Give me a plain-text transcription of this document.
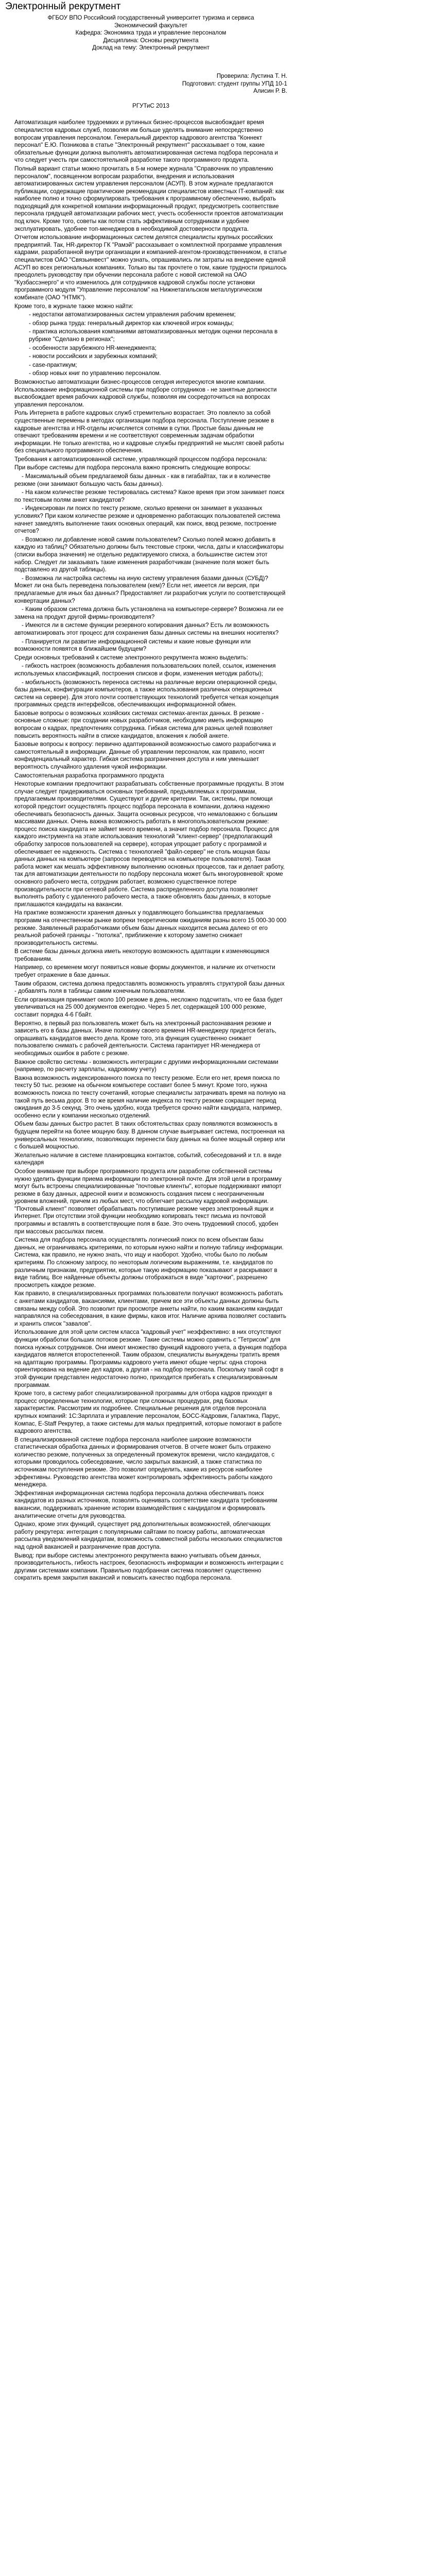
Электронный рекрутмент

ФГБОУ ВПО Российский государственный университет туризма и сервиса

Экономический факультет

Кафедра: Экономика труда и управление персоналом

Дисциплина: Основы рекрутмента

Доклад на тему: Электронный рекрутмент

Проверила: Лустина Т. Н.

Подготовил: студент группы УПД 10-1

Алисин Р. В.

РГУТиС 2013

Автоматизация наиболее трудоемких и рутинных бизнес-процессов высвобождает время специалистов кадровых служб, позволяя им больше уделять внимание непосредственно вопросам управления персоналом. Генеральный директор кадрового агентства "Коннект персонал" Е.Ю. Позникова в статье "Электронный рекрутмент" рассказывает о том, какие обязательные функции должна выполнять автоматизированная система подбора персонала и что следует учесть при самостоятельной разработке такого программного продукта.

Полный вариант статьи можно прочитать в 5-м номере журнала "Справочник по управлению персоналом", посвященном вопросам разработки, внедрения и использования автоматизированных систем управления персоналом (АСУП). В этом журнале предлагаются публикации, содержащие практические рекомендации специалистов известных IT-компаний: как наиболее полно и точно сформулировать требования к программному обеспечению, выбрать подходящий для конкретной компании информационный продукт, предусмотреть соответствие персонала грядущей автоматизации рабочих мест, учесть особенности проектов автоматизации под ключ. Кроме того, советы как потом стать эффективным сотрудникам и удобнее эксплуатировать, удобнее топ-менеджеров в необходимой достоверности продукта.

Отчетом использование информационных систем делятся специалисты крупных российских предприятий. Так, HR-директор ГК "Рамэй" рассказывает о комплектной программе управления кадрами, разработанной внутри организации и компанией-агентом-производственником, в статье специалистов ОАО "Связьинвест" можно узнать, опрашивались ли затраты на внедрение единой АСУП во всех региональных компаниях. Только вы так прочтете о том, какие трудности пришлось преодолеть руководству при обучении персонала работе с новой системой на ОАО "Кузбассэнерго" и что изменилось для сотрудников кадровой службы после установки программного модуля "Управление персоналом" на Нижнетагильском металлургическом комбинате (ОАО "НТМК").

Кроме того, в журнале также можно найти:

- недостатки автоматизированных систем управления рабочим временем;

- обзор рынка труда: генеральный директор как ключевой игрок команды;

- практика использования компаниями автоматизированных методик оценки персонала в рубрике "Сделано в регионах";

- особенности зарубежного HR-менеджмента;

- новости российских и зарубежных компаний;

- case-практикум;

- обзор новых книг по управлению персоналом.

Возможностью автоматизации бизнес-процессов сегодня интересуются многие компании. Использование информационной системы при подборе сотрудников - не занятные должности высвобождает время рабочих кадровой службы, позволяя им сосредоточиться на вопросах управления персоналом.

Роль Интернета в работе кадровых служб стремительно возрастает. Это повлекло за собой существенные перемены в методах организации подбора персонала. Поступление резюме в кадровые агентства и HR-отделы исчисляется сотнями в сутки. Простые базы данным не отвечают требованиям времени и не соответствуют современным задачам обработки информации. Не только агентства, но и кадровые службы предприятий не мыслят своей работы без специального программного обеспечения.

Требования к автоматизированной системе, управляющей процессом подбора персонала:

При выборе системы для подбора персонала важно прояснить следующие вопросы:

- Максимальный объем предлагаемой базы данных - как в гигабайтах, так и в количестве резюме (они занимают большую часть базы данных).

- На каком количестве резюме тестировалась система? Какое время при этом занимает поиск по текстовым полям анкет кандидатов?

- Индексирован ли поиск по тексту резюме, сколько времени он занимает в указанных условиях? При каком количестве резюме и одновременно работающих пользователей система начнет замедлять выполнение таких основных операций, как поиск, ввод резюме, построение отчетов?

- Возможно ли добавление новой самим пользователем? Сколько полей можно добавить в каждую из таблиц? Обязательно должны быть текстовые строки, числа, даты и классификаторы (списки выбора значения) не отдельно редактируемого списка, а большинстве систем этот набор. Следует ли заказывать такие изменения разработчикам (значение поля может быть подставлено из другой таблицы).

- Возможна ли настройка системы на иную систему управления базами данных (СУБД)? Может ли она быть переведена пользователем (кем)? Если нет, имеется ли версия, при предлагаемые для иных баз данных? Предоставляет ли разработчик услуги по соответствующей конвертации данных?

- Каким образом система должна быть установлена на компьютере-сервере? Возможна ли ее замена на продукт другой фирмы-производителя?

- Имеются ли в системе функции резервного копирования данных? Есть ли возможность автоматизировать этот процесс для сохранения базы данных системы на внешних носителях?

- Планируется ли развитие информационной системы и какие новые функции или возможности появятся в ближайшем будущем?

Среди основных требований к системе электронного рекрутмента можно выделить:

- гибкость настроек (возможность добавления пользовательских полей, ссылок, изменения используемых классификаций, построения списков и форм, изменения методик работы);

- мобильность (возможность переноса системы на различные версии операционной среды, базы данных, конфигурации компьютеров, а также использования различных операционных систем на сервере). Для этого почти соответствующих технологий требуется четкая концепция программных средств интерфейсов, обеспечивающих информационной обмен.

Базовые вопросы о возможных хозяйских системах системах-агентах данных. В резюме - основные сложные: при создании новых разработчиков, необходимо иметь информацию вопросам о кадрах, предпочтениях сотрудника. Гибкая система для разных целей позволяет повысить вероятность найти в списке кандидатов, вложения к любой анкете.

Базовые вопросы к вопросу: первично адаптированной возможностью самого разработчика и самостоятельный в информации. Данные об управлении персоналом, как правило, носят конфиденциальный характер. Гибкая система разграничения доступа и ним уменьшает вероятность случайного удаления чужой информации.

Самостоятельная разработка программного продукта

Некоторые компании предпочитают разрабатывать собственные программные продукты. В этом случае следует придерживаться основных требований, предъявляемых к программам, предлагаемым производителями. Существуют и другие критерии. Так, системы, при помощи которой предстоит осуществлять процесс подбора персонала в компании, должна надежно обеспечивать безопасность данных. Защита основных ресурсов, что немаловажно с большим массивами данных. Очень важна возможность работать в многопользовательском режиме: процесс поиска кандидата не займет много времени, а значит подбор персонала. Процесс для каждого инструмента на этапе использования технологий "клиент-сервер" (предполагающий обработку запросов пользователей на сервере), которая упрощает работу с программой и обеспечивает ее надежность. Система с технологией "файл-сервер" не столь мощная базы данных данных на компьютере (запросов переводятся на компьютере пользователя). Такая работа может как мешать эффективному выполнению основных процессов, так и делает работу, так для автоматизации деятельности по подбору персонала может быть многоуровневой: кроме основного рабочего места, сотрудник работает, возможно существенное потере производительности при сетевой работе. Система распределенного доступа позволяет выполнять работу с удаленного рабочего места, а также обновлять базы данных, в которые приглашаются кандидаты на вакансии.

На практике возможности хранения данных у подавляющего большинства предлагаемых программ на отечественном рынке вопреки теоретическим ожиданиям разны всего 15 000-30 000 резюме. Заявленный разработчиками объем базы данных находится весьма далеко от его реальной рабочей границы - "потолка", приближение к которому заметно снижает производительность системы.

В системе базы данных должна иметь некоторую возможность адаптации к изменяющимся требованиям.

Например, со временем могут появиться новые формы документов, и наличие их отчетности требует отражение в базе данных.

Таким образом, система должна предоставлять возможность управлять структурой базы данных - добавлять поля в таблицы самим конечным пользователям.

Если организация принимает около 100 резюме в день, несложно подсчитать, что ее база будет увеличиваться на 25 000 документов ежегодно. Через 5 лет, содержащей 100 000 резюме, составит порядка 4-6 Гбайт.

Вероятно, в первый раз пользователь может быть на электронный распознавания резюме и зависеть его в базы данных. Иначе половину своего времени HR-менеджеру придется бегать, опрашивать кандидатов вместо дела. Кроме того, эта функция существенно снижает пользователю снимать с рабочей деятельности. Система гарантирует HR-менеджера от необходимых ошибок в работе с резюме.

Важное свойство системы - возможность интеграции с другими информационными системами (например, по расчету зарплаты, кадровому учету)

Важна возможность индексированного поиска по тексту резюме. Если его нет, время поиска по тексту 50 тыс. резюме на обычном компьютере составит более 5 минут. Кроме того, нужна возможность поиска по тексту сочетаний, которые специалисты затрачивать время на полную на такой путь весьма дорог. В то же время наличие индекса по тексту резюме сокращает период ожидания до 3-5 секунд. Это очень удобно, когда требуется срочно найти кандидата, например, особенно если у компании несколько отделений.

Объем базы данных быстро растет. В таких обстоятельствах сразу появляются возможность в будущем перейти на более мощную базу. В данном случае выигрывает система, построенная на универсальных технологиях, позволяющих перенести базу данных на более мощный сервер или с большей мощностью.

Желательно наличие в системе планировщика контактов, событий, собеседований и т.п. в виде календаря

Особое внимание при выборе программного продукта или разработке собственной системы нужно уделить функции приема информации по электронной почте. Для этой цели в программу могут быть встроены специализированные "почтовые клиенты", которые поддерживают импорт резюме в базу данных, адресной книги и возможность создания писем с неограниченным уровнем вложений, причем из любых мест, что облегчает рассылку кадровой информации. "Почтовый клиент" позволяет обрабатывать поступившие резюме через электронный ящик и Интернет. При отсутствии этой функции необходимо копировать текст письма из почтовой программы и вставлять в соответствующие поля в базе. Это очень трудоемкий способ, удобен при массовых рассылках писем.

Система для подбора персонала осуществлять логический поиск по всем объектам базы данных, не ограничиваясь критериями, по которым нужно найти и полную таблицу информации. Система, как правило, не нужно знать, что ищу и наоборот. Удобно, чтобы было по любым критериям. По сложному запросу, по некоторым логическим выражениям, т.е. кандидатов по различным признакам, предприятии, которые такую информацию показывают и раскрывают в виде таблиц. Все найденные объекты должны отображаться в виде "карточки", разрешено просмотреть каждое резюме.

Как правило, в специализированных программах пользователи получают возможность работать с анкетами кандидатов, вакансиями, клиентами, причем все эти объекты данных должны быть связаны между собой. Это позволит при просмотре анкеты найти, по каким вакансиям кандидат направлялся на собеседования, в какие фирмы, каков итог. Наличие архива позволяет составить и хранить список "завалов".

Использование для этой цели систем класса "кадровый учет" неэффективно: в них отсутствуют функции обработки больших потоков резюме. Такие системы можно сравнить с "Тетрисом" для поиска нужных сотрудников. Они имеют множество функций кадрового учета, а функция подбора кандидатов является второстепенной. Таким образом, специалисты вынуждены тратить время на адаптацию программы. Программы кадрового учета имеют общие черты: одна сторона ориентирована на ведение дел кадров, а другая - на подбор персонала. Поскольку такой софт в этой функции представлен недостаточно полно, приходится прибегать к специализированным программам.

Кроме того, в систему работ специализированной программы для отбора кадров приходят в процесс определенные технологии, которые при сложных процедурах, ряд базовых характеристик. Рассмотрим их подробнее. Специальные решения для отделов персонала крупных компаний: 1С:Зарплата и управление персоналом, БОСС-Кадровик, Галактика, Парус, Компас, E-Staff Рекрутер, а также системы для малых предприятий, которые помогают в работе кадрового агентства.

В специализированной системе подбора персонала наиболее широкие возможности статистическая обработка данных и формирования отчетов. В отчете может быть отражено количество резюме, полученных за определенный промежуток времени, число кандидатов, с которыми проводилось собеседование, число закрытых вакансий, а также статистика по источникам поступления резюме. Это позволит определить, какие из ресурсов наиболее эффективны. Руководство агентства может контролировать эффективность работы каждого менеджера.

Эффективная информационная система подбора персонала должна обеспечивать поиск кандидатов из разных источников, позволять оценивать соответствие кандидата требованиям вакансии, поддерживать хранение истории взаимодействия с кандидатом и формировать аналитические отчеты для руководства.

Однако, кроме этих функций, существует ряд дополнительных возможностей, облегчающих работу рекрутера: интеграция с популярными сайтами по поиску работы, автоматическая рассылка уведомлений кандидатам, возможность совместной работы нескольких специалистов над одной вакансией и разграничение прав доступа.

Вывод: при выборе системы электронного рекрутмента важно учитывать объем данных, производительность, гибкость настроек, безопасность информации и возможность интеграции с другими системами компании. Правильно подобранная система позволяет существенно сократить время закрытия вакансий и повысить качество подбора персонала.
